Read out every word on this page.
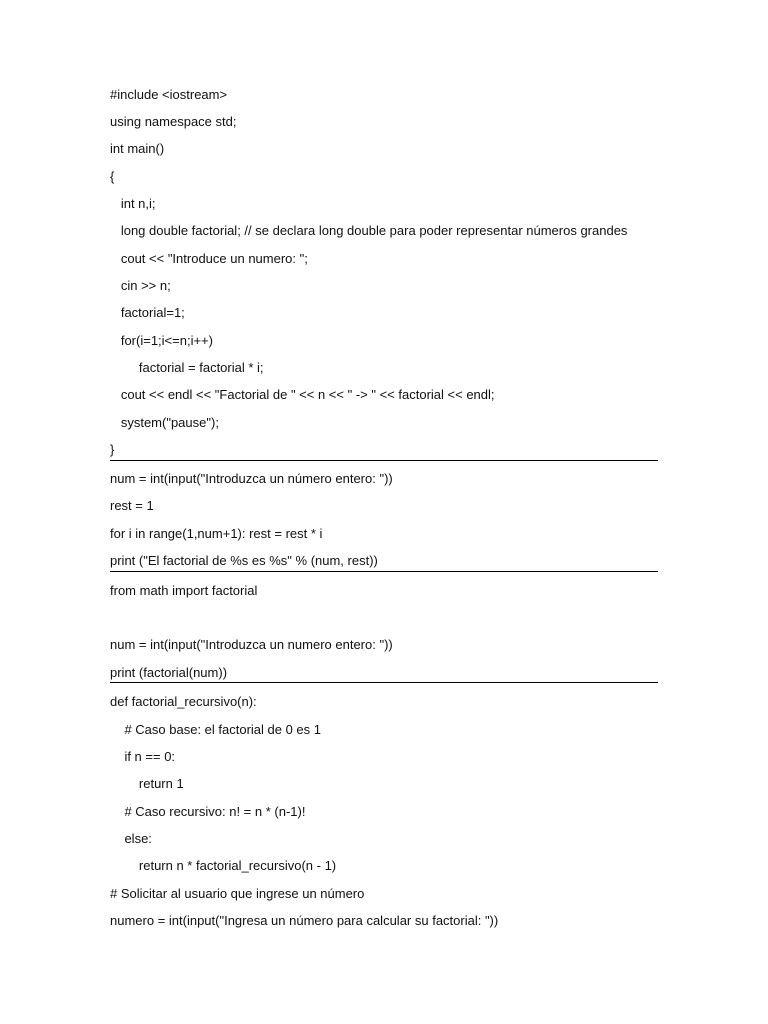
#include <iostream>
using namespace std;
int main()
{
int n,i;
long double factorial; // se declara long double para poder representar números grandes
cout << "Introduce un numero: ";
cin >> n;
factorial=1;
for(i=1;i<=n;i++)
factorial = factorial * i;
cout << endl << "Factorial de " << n << " -> " << factorial << endl;
system("pause");
}
num = int(input("Introduzca un número entero: "))
rest = 1
for i in range(1,num+1): rest = rest * i
print ("El factorial de %s es %s" % (num, rest))
from math import factorial
num = int(input("Introduzca un numero entero: "))
print (factorial(num))
def factorial_recursivo(n):
# Caso base: el factorial de 0 es 1
if n == 0:
return 1
# Caso recursivo: n! = n * (n-1)!
else:
return n * factorial_recursivo(n - 1)
# Solicitar al usuario que ingrese un número
numero = int(input("Ingresa un número para calcular su factorial: "))
